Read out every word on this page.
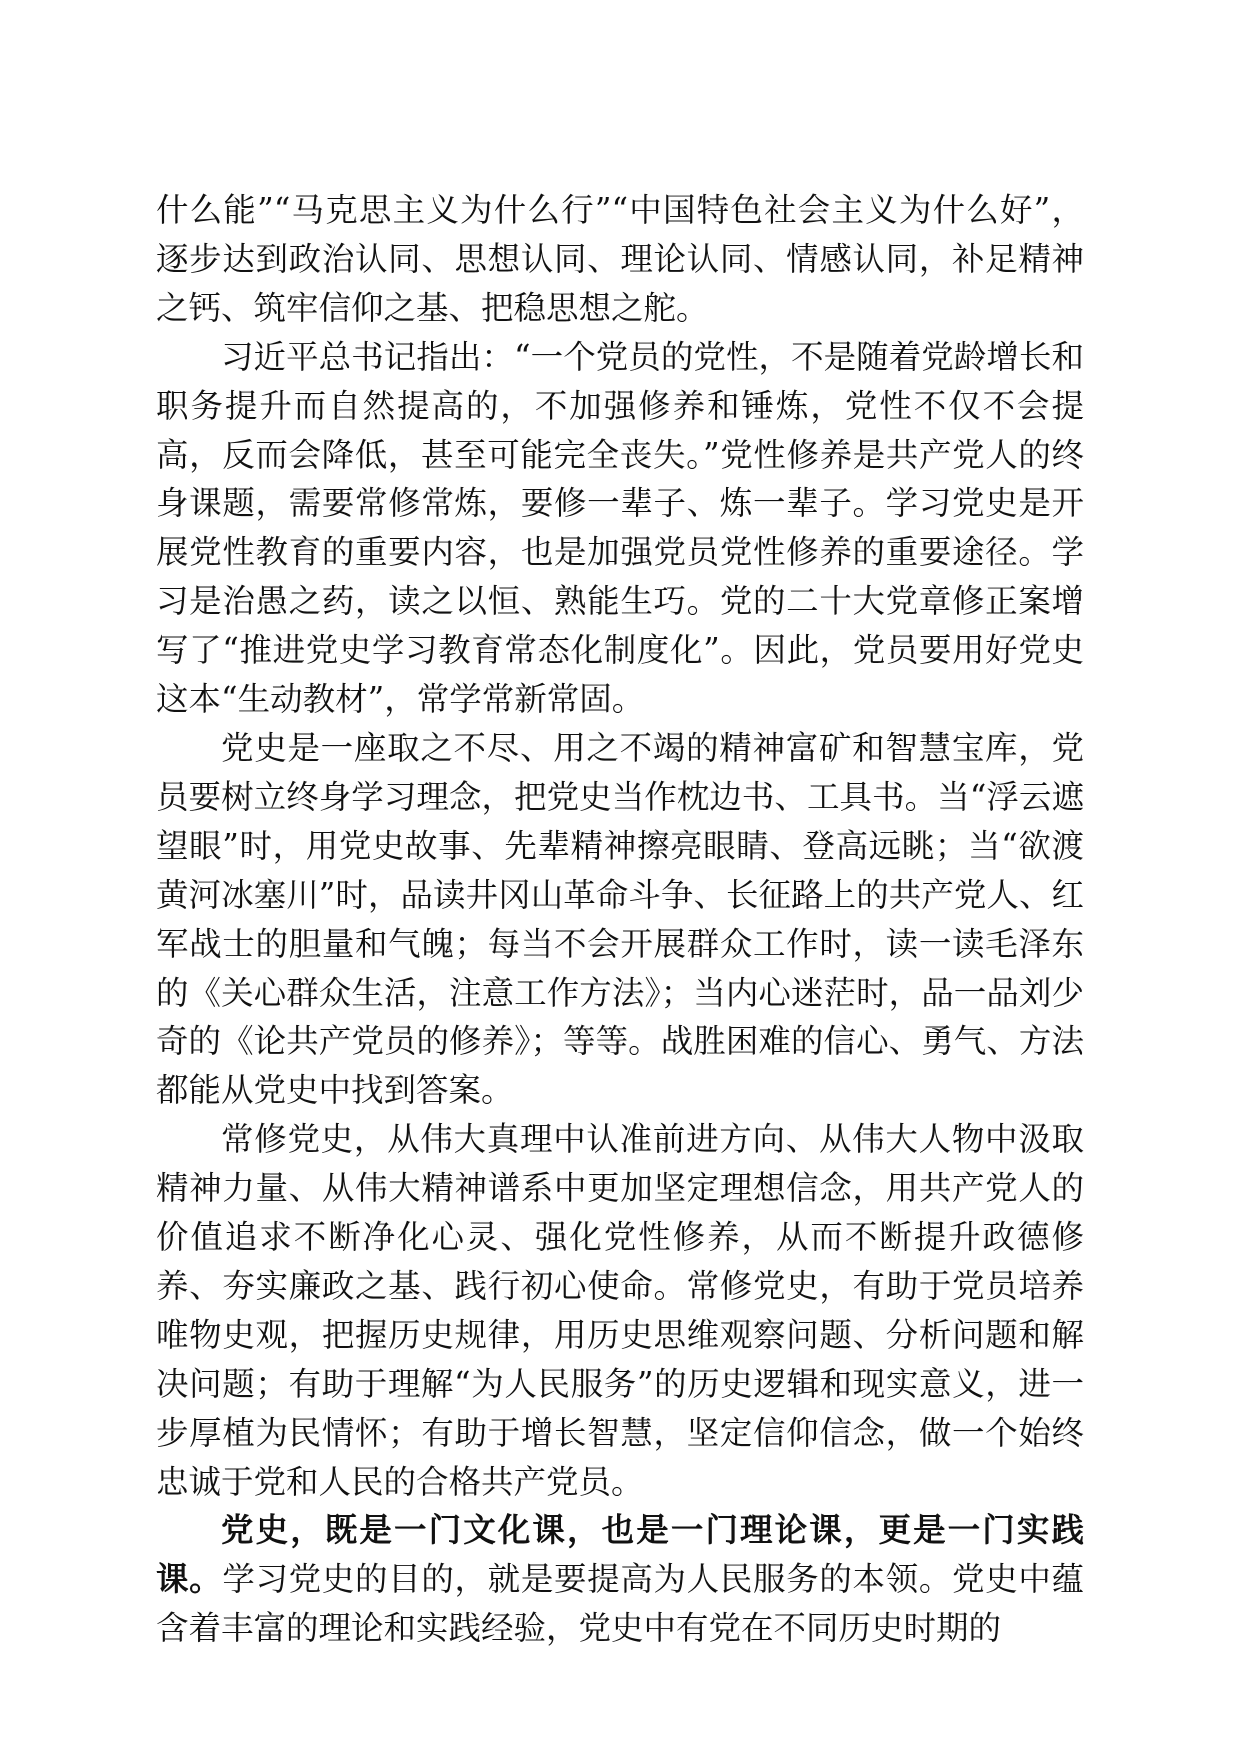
什么能”“马克思主义为什么行”“中国特色社会主义为什么好”，逐步达到政治认同、思想认同、理论认同、情感认同，补足精神之钙、筑牢信仰之基、把稳思想之舵。

习近平总书记指出：“一个党员的党性，不是随着党龄增长和职务提升而自然提高的，不加强修养和锤炼，党性不仅不会提高，反而会降低，甚至可能完全丧失。”党性修养是共产党人的终身课题，需要常修常炼，要修一辈子、炼一辈子。学习党史是开展党性教育的重要内容，也是加强党员党性修养的重要途径。学习是治愚之药，读之以恒、熟能生巧。党的二十大党章修正案增写了“推进党史学习教育常态化制度化”。因此，党员要用好党史这本“生动教材”，常学常新常固。

党史是一座取之不尽、用之不竭的精神富矿和智慧宝库，党员要树立终身学习理念，把党史当作枕边书、工具书。当“浮云遮望眼”时，用党史故事、先辈精神擦亮眼睛、登高远眺；当“欲渡黄河冰塞川”时，品读井冈山革命斗争、长征路上的共产党人、红军战士的胆量和气魄；每当不会开展群众工作时，读一读毛泽东的《关心群众生活，注意工作方法》；当内心迷茫时，品一品刘少奇的《论共产党员的修养》；等等。战胜困难的信心、勇气、方法都能从党史中找到答案。

常修党史，从伟大真理中认准前进方向、从伟大人物中汲取精神力量、从伟大精神谱系中更加坚定理想信念，用共产党人的价值追求不断净化心灵、强化党性修养，从而不断提升政德修养、夯实廉政之基、践行初心使命。常修党史，有助于党员培养唯物史观，把握历史规律，用历史思维观察问题、分析问题和解决问题；有助于理解“为人民服务”的历史逻辑和现实意义，进一步厚植为民情怀；有助于增长智慧，坚定信仰信念，做一个始终忠诚于党和人民的合格共产党员。

党史，既是一门文化课，也是一门理论课，更是一门实践课。学习党史的目的，就是要提高为人民服务的本领。党史中蕴含着丰富的理论和实践经验，党史中有党在不同历史时期的
